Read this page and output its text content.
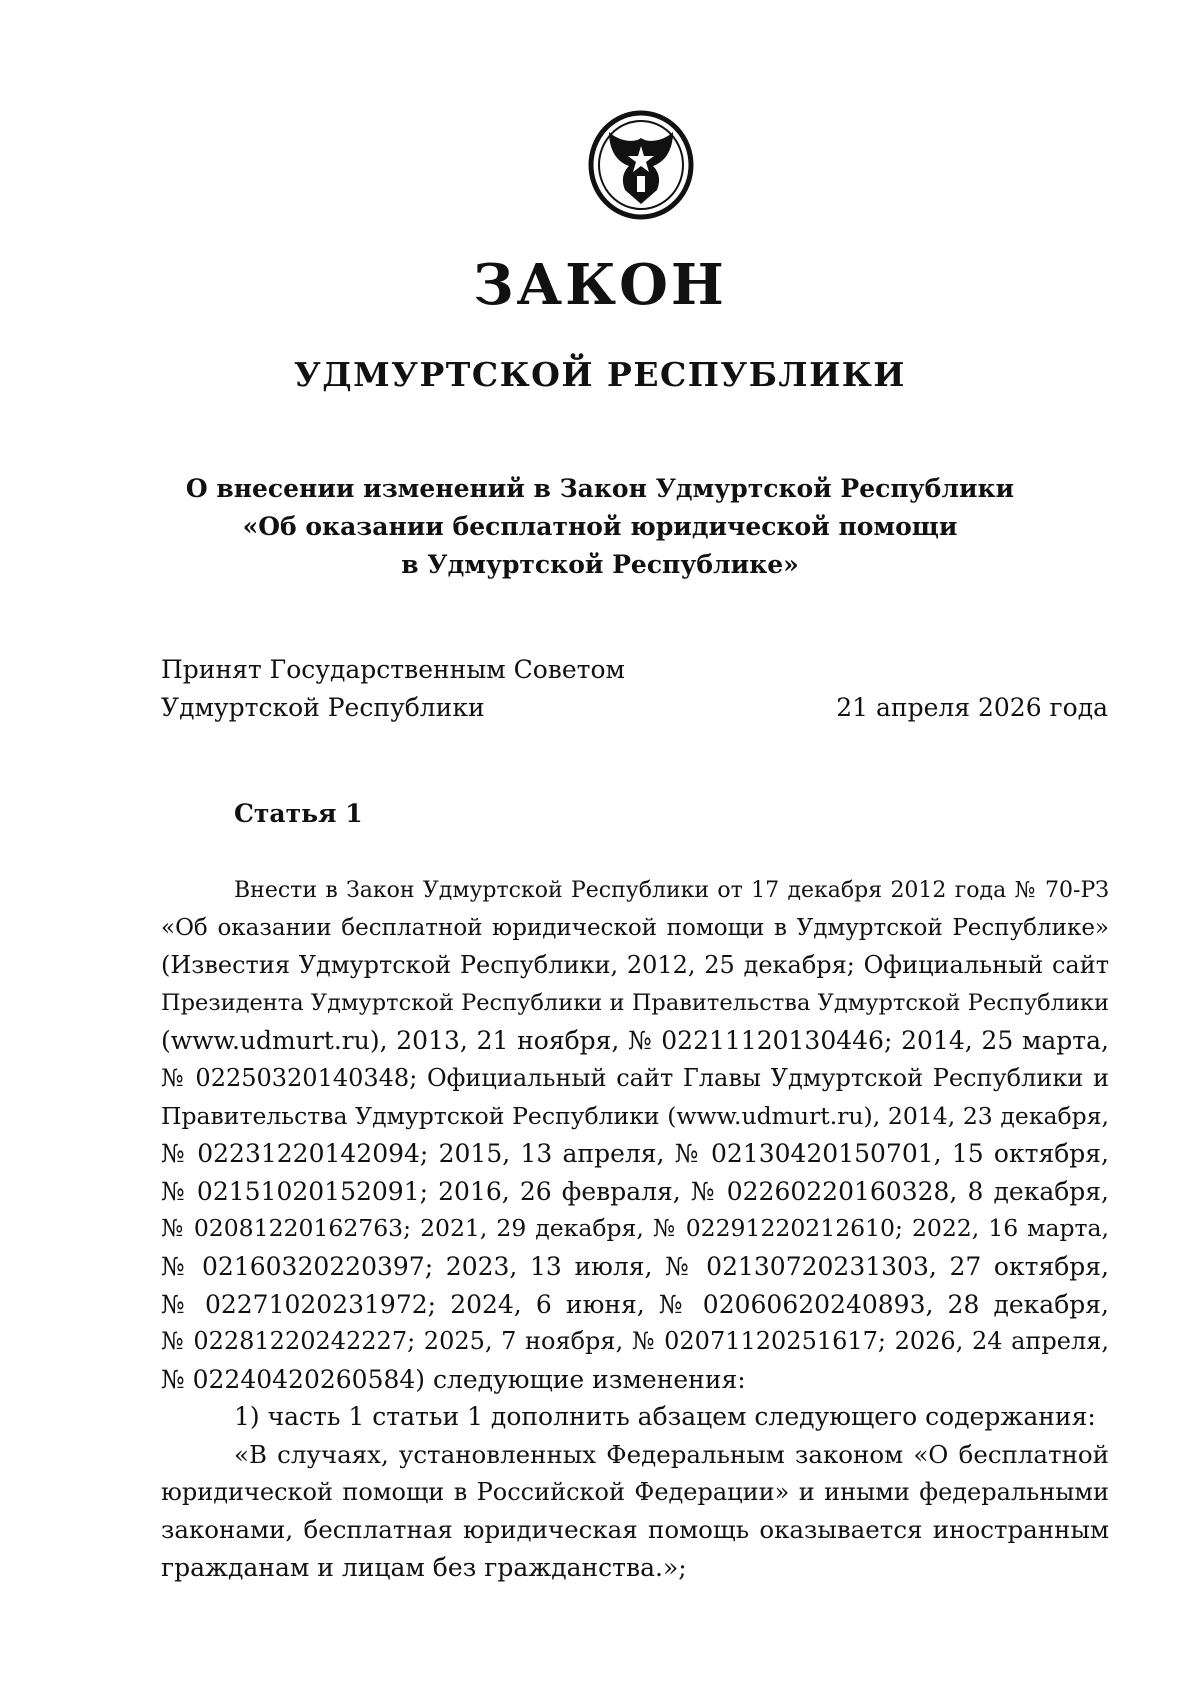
ЗАКОН
УДМУРТСКОЙ РЕСПУБЛИКИ
О внесении изменений в Закон Удмуртской Республики
«Об оказании бесплатной юридической помощи
в Удмуртской Республике»
Принят Государственным Советом
Удмуртской Республики	21 апреля 2026 года
Статья 1
Внести в Закон Удмуртской Республики от 17 декабря 2012 года № 70-РЗ
«Об оказании бесплатной юридической помощи в Удмуртской Республике»
(Известия Удмуртской Республики, 2012, 25 декабря; Официальный сайт
Президента Удмуртской Республики и Правительства Удмуртской Республики
(www.udmurt.ru), 2013, 21 ноября, № 02211120130446; 2014, 25 марта,
№ 02250320140348; Официальный сайт Главы Удмуртской Республики и
Правительства Удмуртской Республики (www.udmurt.ru), 2014, 23 декабря,
№ 02231220142094; 2015, 13 апреля, № 02130420150701, 15 октября,
№ 02151020152091; 2016, 26 февраля, № 02260220160328, 8 декабря,
№ 02081220162763; 2021, 29 декабря, № 02291220212610; 2022, 16 марта,
№ 02160320220397; 2023, 13 июля, № 02130720231303, 27 октября,
№ 02271020231972; 2024, 6 июня, № 02060620240893, 28 декабря,
№ 02281220242227; 2025, 7 ноября, № 02071120251617; 2026, 24 апреля,
№ 02240420260584) следующие изменения:
1) часть 1 статьи 1 дополнить абзацем следующего содержания:
«В случаях, установленных Федеральным законом «О бесплатной
юридической помощи в Российской Федерации» и иными федеральными
законами, бесплатная юридическая помощь оказывается иностранным
гражданам и лицам без гражданства.»;
